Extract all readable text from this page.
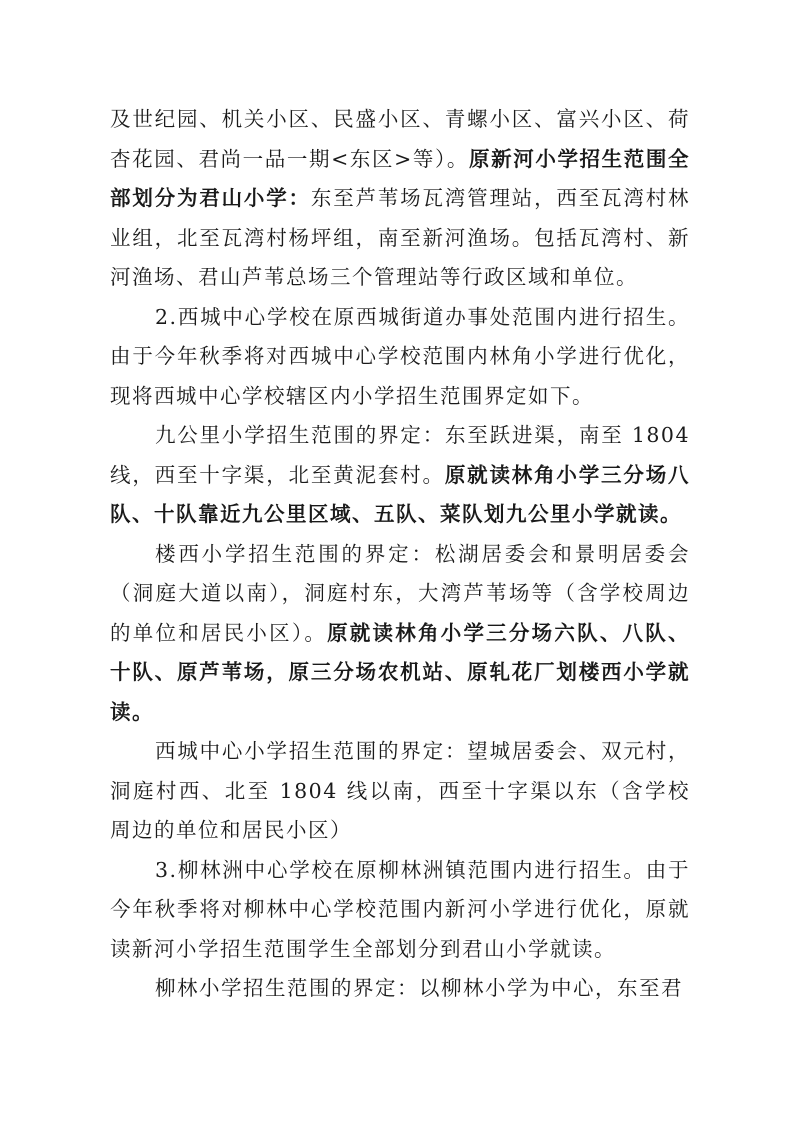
及世纪园、机关小区、民盛小区、青螺小区、富兴小区、荷杏花园、君尚一品一期<东区>等）。原新河小学招生范围全部划分为君山小学：东至芦苇场瓦湾管理站，西至瓦湾村林业组，北至瓦湾村杨坪组，南至新河渔场。包括瓦湾村、新河渔场、君山芦苇总场三个管理站等行政区域和单位。

2.西城中心学校在原西城街道办事处范围内进行招生。由于今年秋季将对西城中心学校范围内林角小学进行优化，现将西城中心学校辖区内小学招生范围界定如下。

九公里小学招生范围的界定：东至跃进渠，南至 1804 线，西至十字渠，北至黄泥套村。原就读林角小学三分场八队、十队靠近九公里区域、五队、菜队划九公里小学就读。

楼西小学招生范围的界定：松湖居委会和景明居委会（洞庭大道以南），洞庭村东，大湾芦苇场等（含学校周边的单位和居民小区）。原就读林角小学三分场六队、八队、十队、原芦苇场，原三分场农机站、原轧花厂划楼西小学就读。

西城中心小学招生范围的界定：望城居委会、双元村，洞庭村西、北至 1804 线以南，西至十字渠以东（含学校周边的单位和居民小区）

3.柳林洲中心学校在原柳林洲镇范围内进行招生。由于今年秋季将对柳林中心学校范围内新河小学进行优化，原就读新河小学招生范围学生全部划分到君山小学就读。

柳林小学招生范围的界定：以柳林小学为中心，东至君
